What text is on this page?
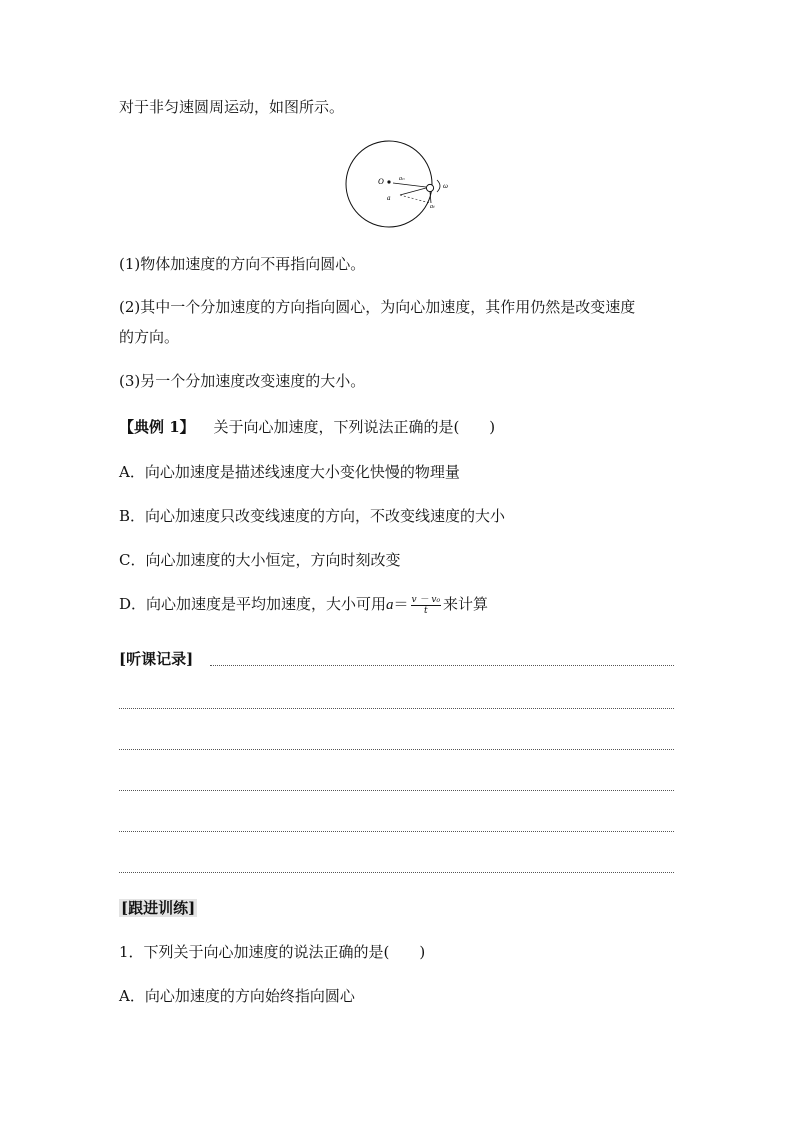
对于非匀速圆周运动，如图所示。
O	aₙ
a
aₜ
ω
(1)物体加速度的方向不再指向圆心。
(2)其中一个分加速度的方向指向圆心，为向心加速度，其作用仍然是改变速度
的方向。
(3)另一个分加速度改变速度的大小。
【典例 1】 关于向心加速度，下列说法正确的是(　　)
A．向心加速度是描述线速度大小变化快慢的物理量
B．向心加速度只改变线速度的方向，不改变线速度的大小
C．向心加速度的大小恒定，方向时刻改变
D．向心加速度是平均加速度，大小可用$a= \frac{\text{v － v₀}}{t}$ 来计算
[听课记录]
[跟进训练]
1．下列关于向心加速度的说法正确的是(　　)
A．向心加速度的方向始终指向圆心
